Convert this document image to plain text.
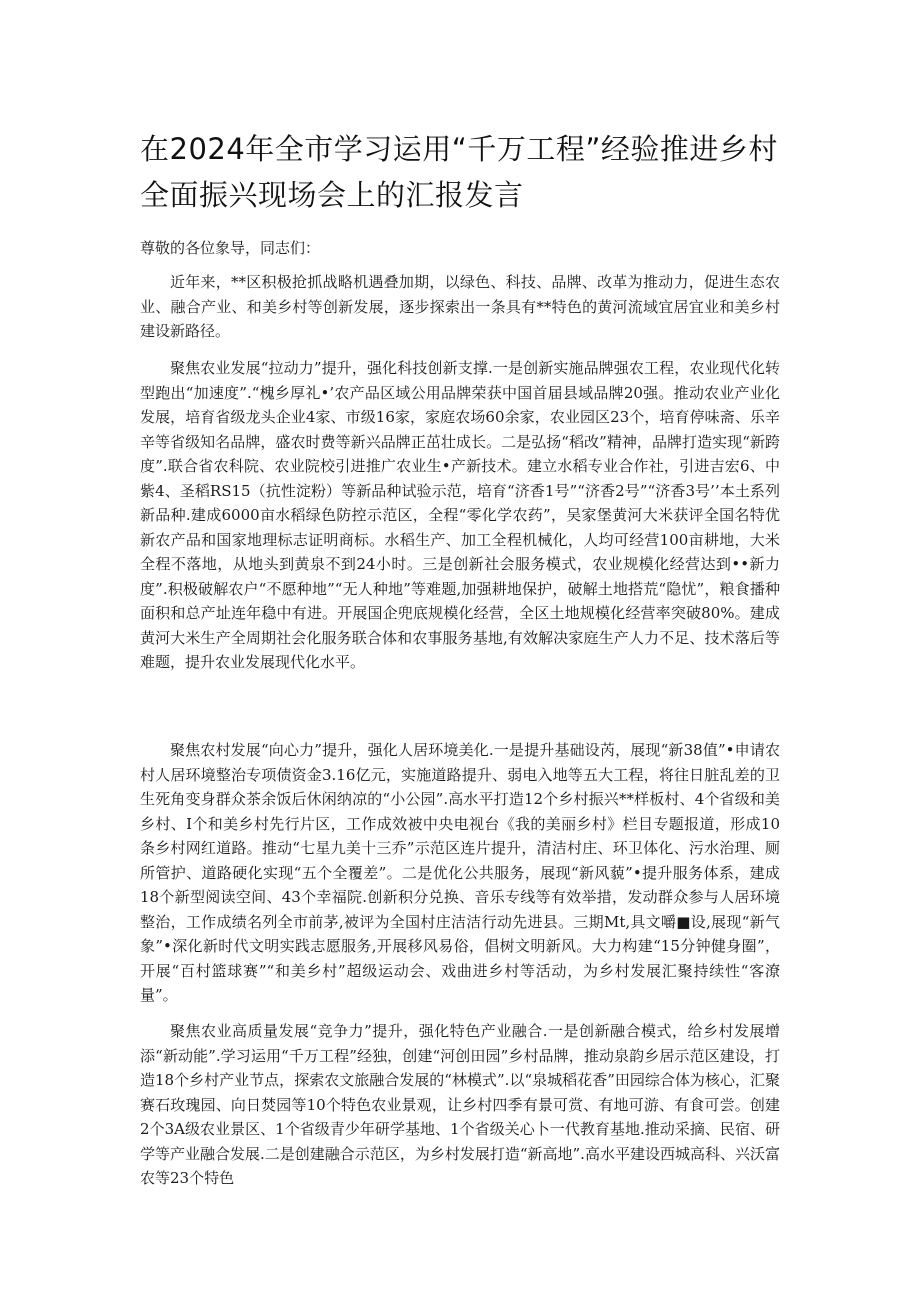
在2024年全市学习运用“千万工程”经验推进乡村全面振兴现场会上的汇报发言
尊敬的各位象导，同志们：

近年来，**区积极抢抓战略机遇叠加期，以绿色、科技、品牌、改革为推动力，促进生态农业、融合产业、和美乡村等创新发展，逐步探索出一条具有**特色的黄河流域宜居宜业和美乡村建设新路径。

聚焦农业发展“拉动力”提升，强化科技创新支撑.一是创新实施品牌强农工程，农业现代化转型跑出“加速度”.“槐乡厚礼•’农产品区域公用品牌荣获中国首届县域品牌20强。推动农业产业化发展，培育省级龙头企业4家、市级16家，家庭农场60余家，农业园区23个，培育停味斋、乐辛辛等省级知名品牌，盛农时费等新兴品牌正茁壮成长。二是弘扬“稻改”精神，品牌打造实现“新跨度”.联合省农科院、农业院校引进推广农业生•产新技术。建立水稻专业合作社，引进吉宏6、中紫4、圣稻RS15（抗性淀粉）等新品种试验示范，培育“济香1号”“济香2号”“济香3号’’本土系列新品种.建成6000亩水稻绿色防控示范区，全程“零化学农药”，吴家堡黄河大米获评全国名特优新农产品和国家地理标志证明商标。水稻生产、加工全程机械化，人均可经营100亩耕地，大米全程不落地，从地头到黄泉不到24小时。三是创新社会服务模式，农业规模化经营达到••新力度”.积极破解农户“不愿种地”“无人种地”等难题,加强耕地保护，破解土地搭荒“隐忧”，粮食播种面积和总产址连年稳中有进。开展国企兜底规模化经营，全区土地规模化经营率突破80%。建成黄河大米生产全周期社会化服务联合体和农事服务基地,有效解决家庭生产人力不足、技术落后等难题，提升农业发展现代化水平。

聚焦农村发展“向心力”提升，强化人居环境美化.一是提升基础设芮，展现“新38值”•申请农村人居环境整治专项债资金3.16亿元，实施道路提升、弱电入地等五大工程，将往日脏乱差的卫生死角变身群众茶余饭后休闲纳凉的“小公园”.高水平打造12个乡村振兴**样板村、4个省级和美乡村、I个和美乡村先行片区，工作成效被中央电视台《我的美丽乡村》栏目专题报道，形成10条乡村网红道路。推动“七星九美十三乔”示范区连片提升，清洁村庄、环卫体化、污水治理、厕所管护、道路硬化实现“五个全覆差”。二是优化公共服务，展现“新风藐”•提升服务体系，建成18个新型阅读空间、43个幸福院.创新积分兑换、音乐专线等有效举措，发动群众参与人居环境整治，工作成绩名列全市前茅,被评为全国村庄洁洁行动先进县。三期Mt,具文嚼■设,展现“新气象”•深化新时代文明实践志愿服务,开展移风易俗，倡树文明新风。大力构建“15分钟健身圈”，开展“百村篮球赛”“和美乡村”超级运动会、戏曲进乡村等活动，为乡村发展汇聚持续性“客潦量”。

聚焦农业高质量发展“竞争力”提升，强化特色产业融合.一是创新融合模式，给乡村发展增添“新动能”.学习运用“千万工程”经独，创建“河创田园”乡村品牌，推动泉韵乡居示范区建设，打造18个乡村产业节点，探索农文旅融合发展的“林模式”.以“泉城稻花香”田园综合体为核心，汇聚赛石玫瑰园、向日焚园等10个特色农业景观，让乡村四季有景可赏、有地可游、有食可尝。创建2个3A级农业景区、1个省级青少年研学基地、1个省级关心卜一代教育基地.推动采摘、民宿、研学等产业融合发展.二是创建融合示范区，为乡村发展打造“新高地”.高水平建设西城高科、兴沃富农等23个特色
